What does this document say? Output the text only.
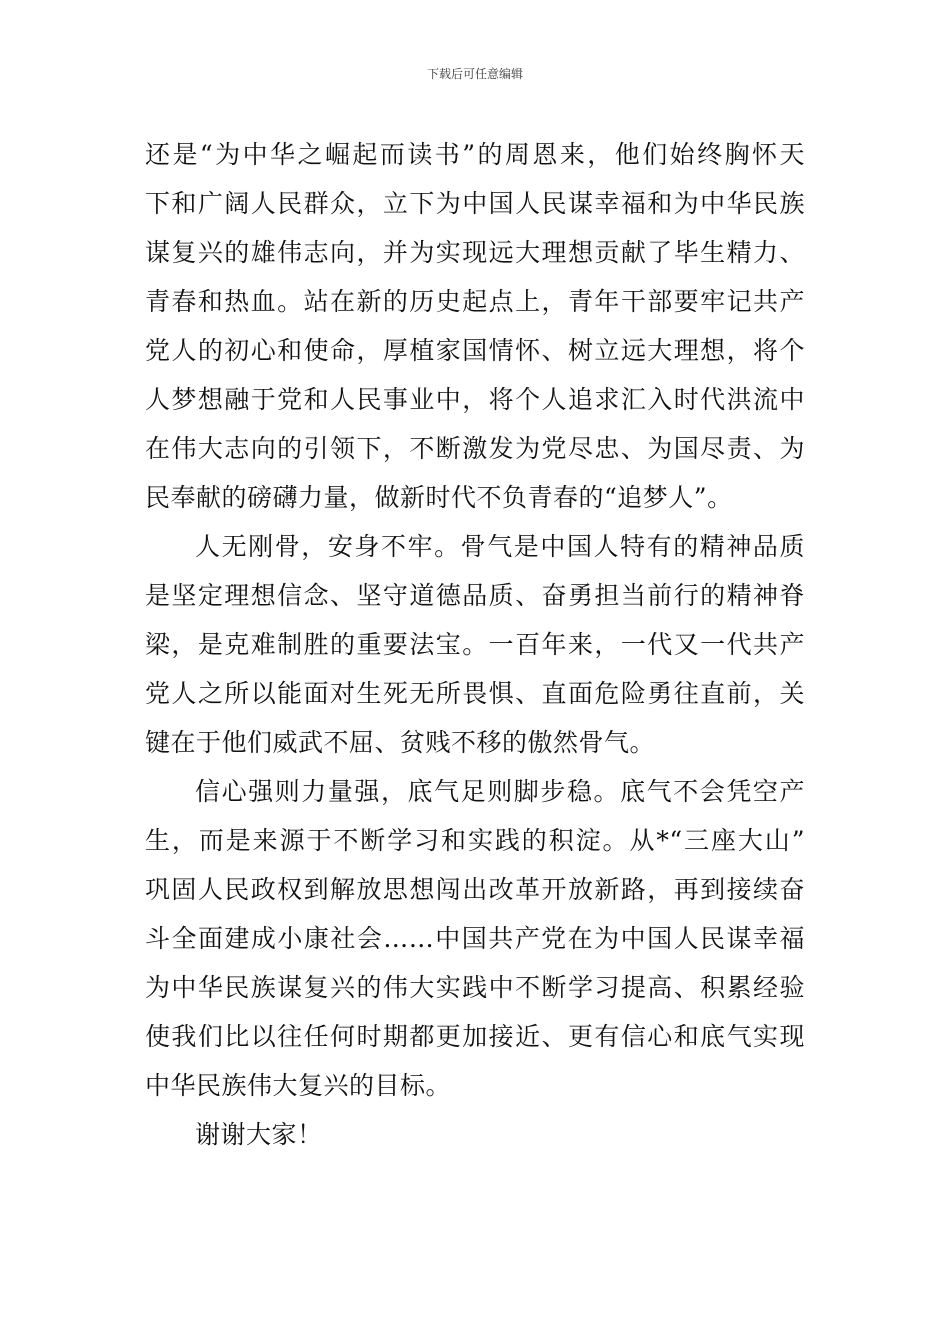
下载后可任意编辑
还是“为中华之崛起而读书”的周恩来，他们始终胸怀天
下和广阔人民群众，立下为中国人民谋幸福和为中华民族
谋复兴的雄伟志向，并为实现远大理想贡献了毕生精力、
青春和热血。站在新的历史起点上，青年干部要牢记共产
党人的初心和使命，厚植家国情怀、树立远大理想，将个
人梦想融于党和人民事业中，将个人追求汇入时代洪流中
在伟大志向的引领下，不断激发为党尽忠、为国尽责、为
民奉献的磅礴力量，做新时代不负青春的“追梦人”。
人无刚骨，安身不牢。骨气是中国人特有的精神品质
是坚定理想信念、坚守道德品质、奋勇担当前行的精神脊
梁，是克难制胜的重要法宝。一百年来，一代又一代共产
党人之所以能面对生死无所畏惧、直面危险勇往直前，关
键在于他们威武不屈、贫贱不移的傲然骨气。
信心强则力量强，底气足则脚步稳。底气不会凭空产
生，而是来源于不断学习和实践的积淀。从*“三座大山”
巩固人民政权到解放思想闯出改革开放新路，再到接续奋
斗全面建成小康社会……中国共产党在为中国人民谋幸福
为中华民族谋复兴的伟大实践中不断学习提高、积累经验
使我们比以往任何时期都更加接近、更有信心和底气实现
中华民族伟大复兴的目标。
谢谢大家！
